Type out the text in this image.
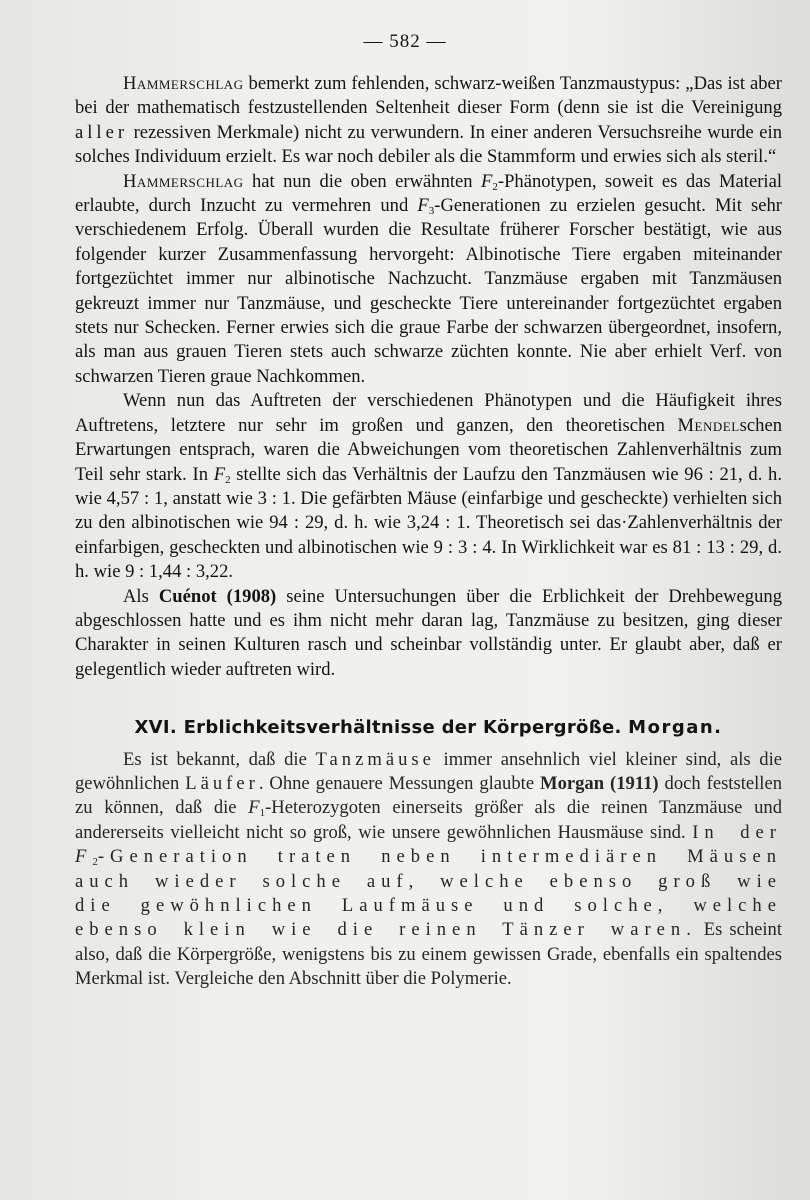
— 582 —

Hammerschlag bemerkt zum fehlenden, schwarz-weißen Tanzmaustypus: „Das ist aber bei der mathematisch festzustellenden Seltenheit dieser Form (denn sie ist die Vereinigung aller rezessiven Merkmale) nicht zu verwundern. In einer anderen Versuchsreihe wurde ein solches Individuum erzielt. Es war noch debiler als die Stammform und erwies sich als steril.“

Hammerschlag hat nun die oben erwähnten $F_2$-Phänotypen, soweit es das Material erlaubte, durch Inzucht zu vermehren und $F_3$-Generationen zu erzielen gesucht. Mit sehr verschiedenem Erfolg. Überall wurden die Resultate früherer Forscher bestätigt, wie aus folgender kurzer Zusammenfassung hervorgeht: Albinotische Tiere ergaben miteinander fortgezüchtet immer nur albinotische Nachzucht. Tanzmäuse ergaben mit Tanzmäusen gekreuzt immer nur Tanzmäuse, und gescheckte Tiere untereinander fortgezüchtet ergaben stets nur Schecken. Ferner erwies sich die graue Farbe der schwarzen übergeordnet, insofern, als man aus grauen Tieren stets auch schwarze züchten konnte. Nie aber erhielt Verf. von schwarzen Tieren graue Nachkommen.

Wenn nun das Auftreten der verschiedenen Phänotypen und die Häufigkeit ihres Auftretens, letztere nur sehr im großen und ganzen, den theoretischen Mendelschen Erwartungen entsprach, waren die Abweichungen vom theoretischen Zahlenverhältnis zum Teil sehr stark. In $F_2$ stellte sich das Verhältnis der Laufzu den Tanzmäusen wie 96 : 21, d. h. wie 4,57 : 1, anstatt wie 3 : 1. Die gefärbten Mäuse (einfarbige und gescheckte) verhielten sich zu den albinotischen wie 94 : 29, d. h. wie 3,24 : 1. Theoretisch sei das·Zahlenverhältnis der einfarbigen, gescheckten und albinotischen wie 9 : 3 : 4. In Wirklichkeit war es 81 : 13 : 29, d. h. wie 9 : 1,44 : 3,22.

Als Cuénot (1908) seine Untersuchungen über die Erblichkeit der Drehbewegung abgeschlossen hatte und es ihm nicht mehr daran lag, Tanzmäuse zu besitzen, ging dieser Charakter in seinen Kulturen rasch und scheinbar vollständig unter. Er glaubt aber, daß er gelegentlich wieder auftreten wird.

XVI. Erblichkeitsverhältnisse der Körpergröße. Morgan.

Es ist bekannt, daß die Tanzmäuse immer ansehnlich viel kleiner sind, als die gewöhnlichen Läufer. Ohne genauere Messungen glaubte Morgan (1911) doch feststellen zu können, daß die $F_1$-Heterozygoten einerseits größer als die reinen Tanzmäuse und andererseits vielleicht nicht so groß, wie unsere gewöhnlichen Hausmäuse sind. In der $F_2$-Generation traten neben intermediären Mäusen auch wieder solche auf, welche ebenso groß wie die gewöhnlichen Laufmäuse und solche, welche ebenso klein wie die reinen Tänzer waren. Es scheint also, daß die Körpergröße, wenigstens bis zu einem gewissen Grade, ebenfalls ein spaltendes Merkmal ist. Vergleiche den Abschnitt über die Polymerie.
